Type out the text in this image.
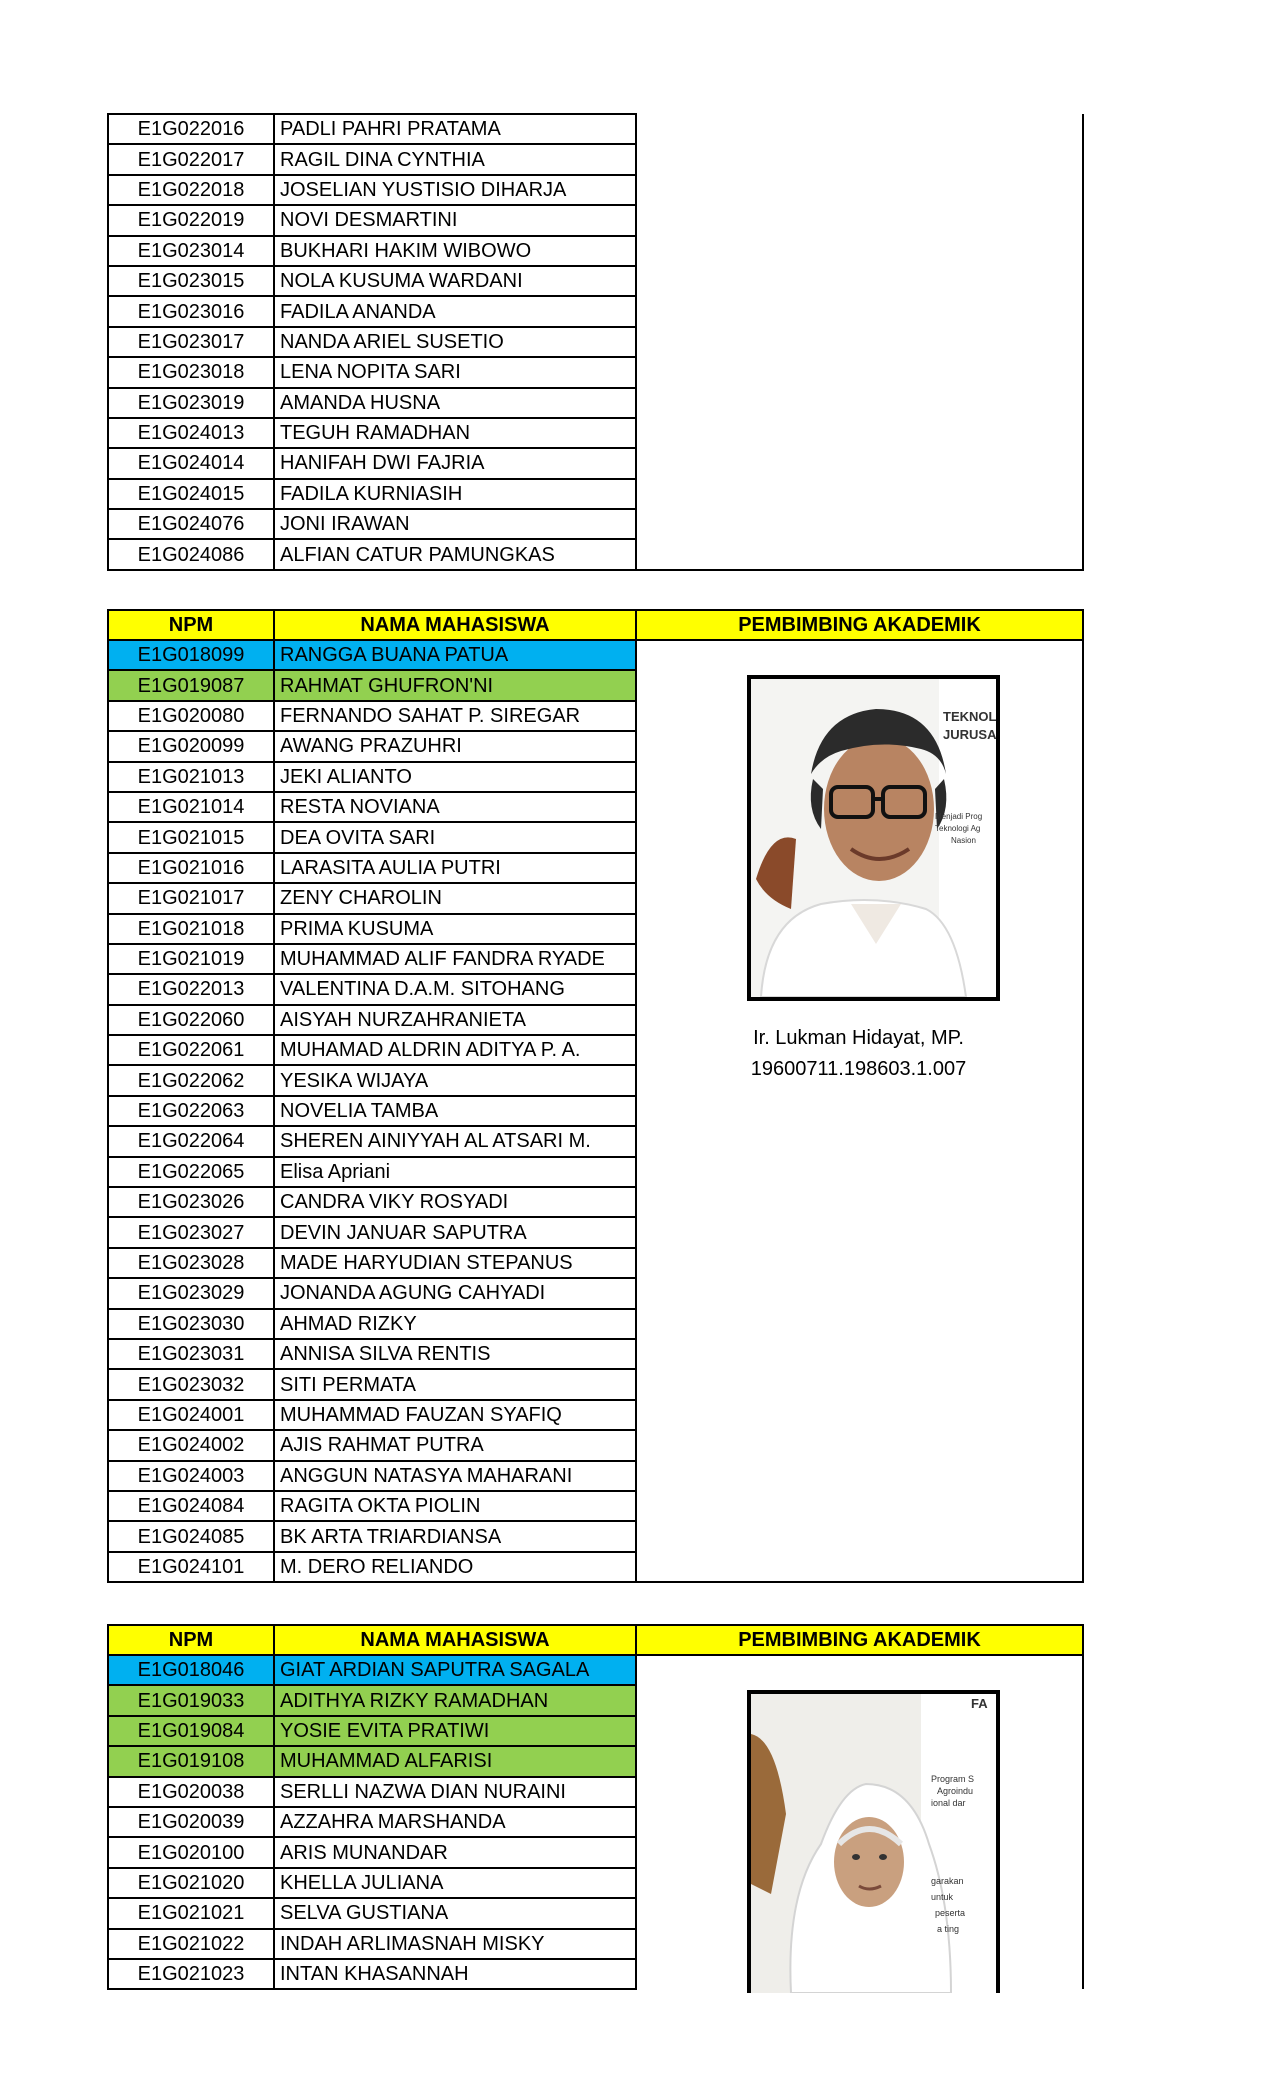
E1G022016	PADLI PAHRI PRATAMA	
E1G022017	RAGIL DINA CYNTHIA	
E1G022018	JOSELIAN YUSTISIO DIHARJA	
E1G022019	NOVI DESMARTINI	
E1G023014	BUKHARI HAKIM WIBOWO	
E1G023015	NOLA KUSUMA WARDANI	
E1G023016	FADILA ANANDA	
E1G023017	NANDA ARIEL SUSETIO	
E1G023018	LENA NOPITA SARI	
E1G023019	AMANDA HUSNA	
E1G024013	TEGUH RAMADHAN	
E1G024014	HANIFAH DWI FAJRIA	
E1G024015	FADILA KURNIASIH	
E1G024076	JONI IRAWAN	
E1G024086	ALFIAN CATUR PAMUNGKAS	
NPM	NAMA MAHASISWA	PEMBIMBING AKADEMIK
E1G018099	RANGGA BUANA PATUA	
E1G019087	RAHMAT GHUFRON'NI	
E1G020080	FERNANDO SAHAT P. SIREGAR	
E1G020099	AWANG PRAZUHRI	
E1G021013	JEKI ALIANTO	
E1G021014	RESTA NOVIANA	
E1G021015	DEA OVITA SARI	
E1G021016	LARASITA AULIA PUTRI	
E1G021017	ZENY CHAROLIN	
E1G021018	PRIMA KUSUMA	
E1G021019	MUHAMMAD ALIF FANDRA RYADE	
E1G022013	VALENTINA D.A.M. SITOHANG	
E1G022060	AISYAH NURZAHRANIETA	
E1G022061	MUHAMAD ALDRIN ADITYA P. A.	
E1G022062	YESIKA WIJAYA	
E1G022063	NOVELIA TAMBA	
E1G022064	SHEREN AINIYYAH AL ATSARI M.	
E1G022065	Elisa Apriani	
E1G023026	CANDRA VIKY ROSYADI	
E1G023027	DEVIN JANUAR SAPUTRA	
E1G023028	MADE HARYUDIAN STEPANUS	
E1G023029	JONANDA AGUNG CAHYADI	
E1G023030	AHMAD RIZKY	
E1G023031	ANNISA SILVA RENTIS	
E1G023032	SITI PERMATA	
E1G024001	MUHAMMAD FAUZAN SYAFIQ	
E1G024002	AJIS RAHMAT PUTRA	
E1G024003	ANGGUN NATASYA MAHARANI	
E1G024084	RAGITA OKTA PIOLIN	
E1G024085	BK ARTA TRIARDIANSA	
E1G024101	M. DERO RELIANDO	
TEKNOL
JURUSA
Menjadi Prog
Teknologi Ag
Nasion
Ir. Lukman Hidayat, MP.
19600711.198603.1.007
NPM	NAMA MAHASISWA	PEMBIMBING AKADEMIK
E1G018046	GIAT ARDIAN SAPUTRA SAGALA	
E1G019033	ADITHYA RIZKY RAMADHAN	
E1G019084	YOSIE EVITA PRATIWI	
E1G019108	MUHAMMAD ALFARISI	
E1G020038	SERLLI NAZWA DIAN NURAINI	
E1G020039	AZZAHRA MARSHANDA	
E1G020100	ARIS MUNANDAR	
E1G021020	KHELLA JULIANA	
E1G021021	SELVA GUSTIANA	
E1G021022	INDAH ARLIMASNAH MISKY	
E1G021023	INTAN KHASANNAH	
FA
Program S
Agroindu
ional dar
garakan
untuk
peserta
a ting
